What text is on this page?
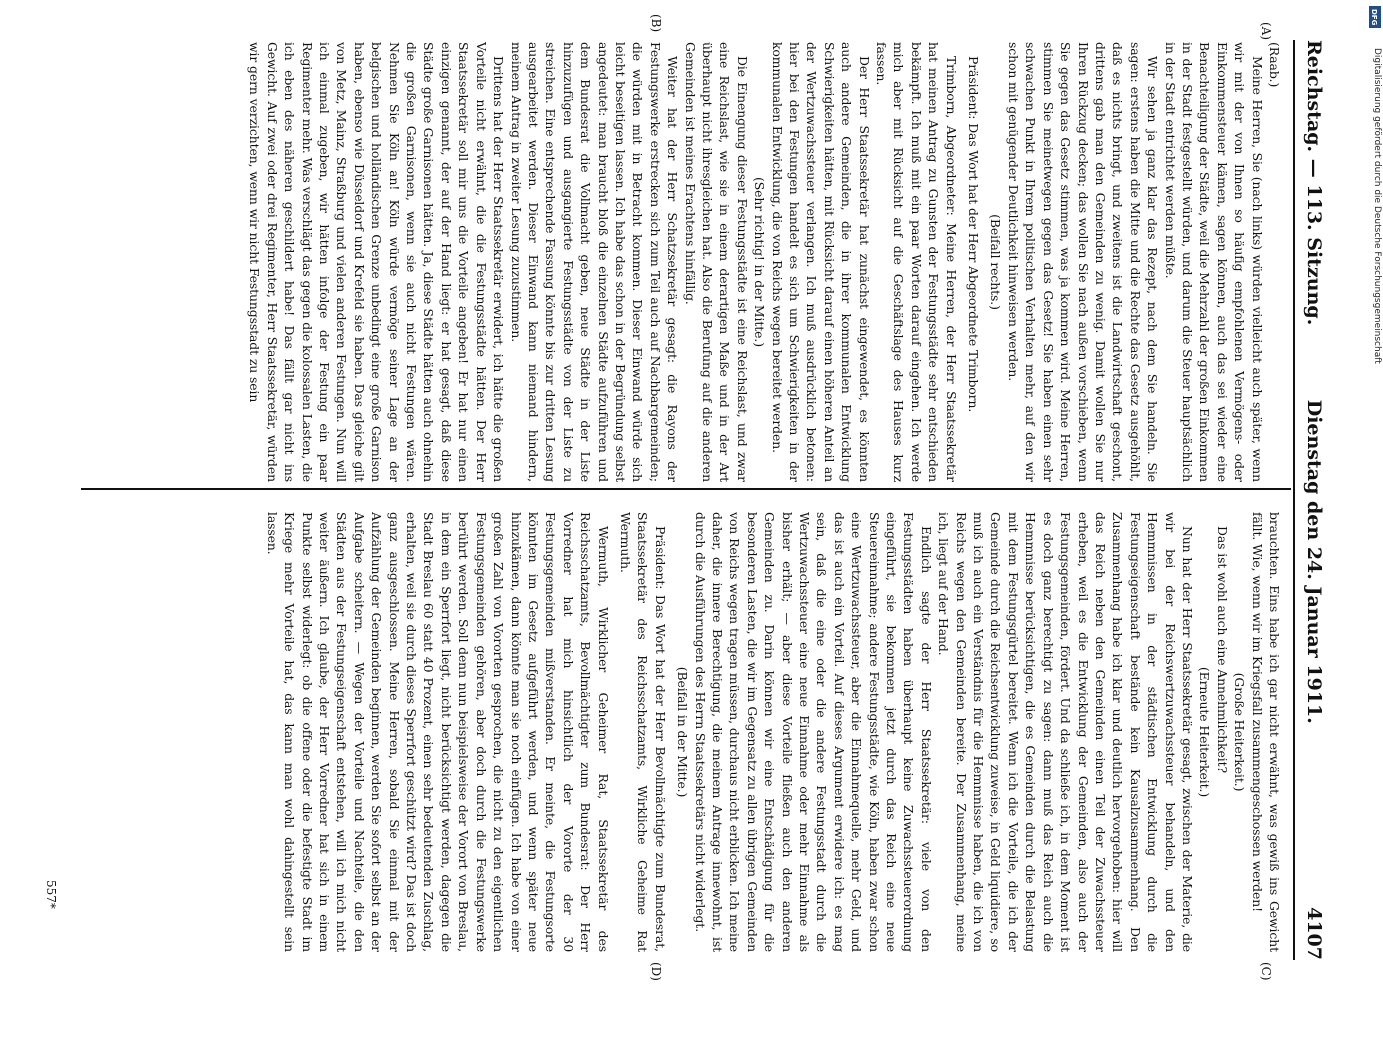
Reichstag. — 113. Sitzung.
Dienstag den 24. Januar 1911.  4107
(A)
(B)
(C)
(D)

(Raab.)

Meine Herren, Sie (nach links) würden vielleicht auch später, wenn wir mit der von Ihnen so häufig empfohlenen Vermögens- oder Einkommensteuer kämen, sagen können, auch das sei wieder eine Benachteiligung der Städte, weil die Mehrzahl der großen Einkommen in der Stadt festgestellt würden, und darum die Steuer hauptsächlich in der Stadt entrichtet werden müßte.

Wir sehen ja ganz klar das Rezept, nach dem Sie handeln. Sie sagen: erstens haben die Mitte und die Rechte das Gesetz ausgehöhlt, daß es nichts bringt, und zweitens ist die Landwirtschaft geschont, drittens gab man den Gemeinden zu wenig. Damit wollen Sie nur Ihren Rückzug decken; das wollen Sie nach außen vorschieben, wenn Sie gegen das Gesetz stimmen, was ja kommen wird. Meine Herren, stimmen Sie meinetwegen gegen das Gesetz! Sie haben einen sehr schwachen Punkt in Ihrem politischen Verhalten mehr, auf den wir schon mit genügender Deutlichkeit hinweisen werden.

(Beifall rechts.)

Präsident: Das Wort hat der Herr Abgeordnete Trimborn.

Trimborn, Abgeordneter: Meine Herren, der Herr Staatssekretär hat meinen Antrag zu Gunsten der Festungsstädte sehr entschieden bekämpft. Ich muß mit ein paar Worten darauf eingehen. Ich werde mich aber mit Rücksicht auf die Geschäftslage des Hauses kurz fassen.

Der Herr Staatssekretär hat zunächst eingewendet, es könnten auch andere Gemeinden, die in ihrer kommunalen Entwicklung Schwierigkeiten hätten, mit Rücksicht darauf einen höheren Anteil an der Wertzuwachssteuer verlangen. Ich muß ausdrücklich betonen: hier bei den Festungen handelt es sich um Schwierigkeiten in der kommunalen Entwicklung, die von Reichs wegen bereitet werden.

(Sehr richtig! in der Mitte.)

Die Einengung dieser Festungsstädte ist eine Reichslast, und zwar eine Reichslast, wie sie in einem derartigen Maße und in der Art überhaupt nicht ihresgleichen hat. Also die Berufung auf die anderen Gemeinden ist meines Erachtens hinfällig.

Weiter hat der Herr Schatzsekretär gesagt: die Rayons der Festungswerke erstrecken sich zum Teil auch auf Nachbargemeinden; die würden mit in Betracht kommen. Dieser Einwand würde sich leicht beseitigen lassen. Ich habe das schon in der Begründung selbst angedeutet: man braucht bloß die einzelnen Städte aufzuführen und dem Bundesrat die Vollmacht geben, neue Städte in der Liste hinzuzufügen und ausgangierte Festungsstädte von der Liste zu streichen. Eine entsprechende Fassung könnte bis zur dritten Lesung ausgearbeitet werden. Dieser Einwand kann niemand hindern, meinem Antrag in zweiter Lesung zuzustimmen.

Drittens hat der Herr Staatssekretär erwidert, ich hätte die großen Vorteile nicht erwähnt, die die Festungsstädte hätten. Der Herr Staatssekretär soll mir uns die Vorteile angeben! Er hat nur einen einzigen genannt, der auf der Hand liegt: er hat gesagt, daß diese Städte große Garnisonen hätten. Ja, diese Städte hätten auch ohnehin die großen Garnisonen, wenn sie auch nicht Festungen wären. Nehmen Sie Köln an! Köln würde vermöge seiner Lage an der belgischen und holländischen Grenze unbedingt eine große Garnison haben, ebenso wie Düsseldorf und Krefeld sie haben. Das gleiche gilt von Metz, Mainz, Straßburg und vielen anderen Festungen. Nun will ich einmal zugeben, wir hätten infolge der Festung ein paar Regimenter mehr. Was verschlägt das gegen die kolossalen Lasten, die ich eben des näheren geschildert habe! Das fällt gar nicht ins Gewicht. Auf zwei oder drei Regimenter, Herr Staatssekretär, würden wir gern verzichten, wenn wir nicht Festungsstadt zu sein

brauchten. Eins habe ich gar nicht erwähnt, was gewiß ins Gewicht fällt. Wie, wenn wir im Kriegsfall zusammengeschossen werden!

(Große Heiterkeit.)

Das ist wohl auch eine Annehmlichkeit?

(Erneute Heiterkeit.)

Nun hat der Herr Staatssekretär gesagt, zwischen der Materie, die wir bei der Reichswertzuwachssteuer behandeln, und den Hemmnissen in der städtischen Entwicklung durch die Festungseigenschaft bestände kein Kausalzusammenhang. Den Zusammenhang habe ich klar und deutlich hervorgehoben: hier will das Reich neben den Gemeinden einen Teil der Zuwachssteuer erheben, weil es die Entwicklung der Gemeinden, also auch der Festungsgemeinden, fördert. Und da schließe ich, in dem Moment ist es doch ganz berechtigt zu sagen: dann muß das Reich auch die Hemmnisse berücksichtigen, die es Gemeinden durch die Belastung mit dem Festungsgürtel bereitet. Wenn ich die Vorteile, die ich der Gemeinde durch die Reichsentwicklung zuweise, in Geld liquidiere, so muß ich auch ein Verständnis für die Hemmnisse haben, die ich von Reichs wegen den Gemeinden bereite. Der Zusammenhang, meine ich, liegt auf der Hand.

Endlich sagte der Herr Staatssekretär: viele von den Festungsstädten haben überhaupt keine Zuwachssteuerordnung eingeführt, sie bekommen jetzt durch das Reich eine neue Steuereinnahme; andere Festungsstädte, wie Köln, haben zwar schon eine Wertzuwachssteuer, aber die Einnahmequelle, mehr Geld, und das ist auch ein Vorteil. Auf dieses Argument erwidere ich: es mag sein, daß die eine oder die andere Festungsstadt durch die Wertzuwachssteuer eine neue Einnahme oder mehr Einnahme als bisher erhält; — aber diese Vorteile fließen auch den anderen Gemeinden zu. Darin können wir eine Entschädigung für die besonderen Lasten, die wir im Gegensatz zu allen übrigen Gemeinden von Reichs wegen tragen müssen, durchaus nicht erblicken. Ich meine daher, die innere Berechtigung, die meinem Antrage innewohnt, ist durch die Ausführungen des Herrn Staatssekretärs nicht widerlegt.

(Beifall in der Mitte.)

Präsident: Das Wort hat der Herr Bevollmächtigte zum Bundesrat, Staatssekretär des Reichsschatzamts, Wirkliche Geheime Rat Wermuth.

Wermuth, Wirklicher Geheimer Rat, Staatssekretär des Reichsschatzamts, Bevollmächtigter zum Bundesrat: Der Herr Vorredner hat mich hinsichtlich der Vororte der 30 Festungsgemeinden mißverstanden. Er meinte, die Festungsorte könnten im Gesetz aufgeführt werden, und wenn später neue hinzukämen, dann könnte man sie noch einfügen. Ich habe von einer großen Zahl von Vororten gesprochen, die nicht zu den eigentlichen Festungsgemeinden gehören, aber doch durch die Festungswerke berührt werden. Soll denn nun beispielsweise der Vorort von Breslau, in dem ein Sperrfort liegt, nicht berücksichtigt werden, dagegen die Stadt Breslau 60 statt 40 Prozent, einen sehr bedeutenden Zuschlag, erhalten, weil sie durch dieses Sperrfort geschützt wird? Das ist doch ganz ausgeschlossen. Meine Herren, sobald Sie einmal mit der Aufzählung der Gemeinden beginnen, werden Sie sofort selbst an der Aufgabe scheitern. — Wegen der Vorteile und Nachteile, die den Städten aus der Festungseigenschaft entstehen, will ich mich nicht weiter äußern. Ich glaube, der Herr Vorredner hat sich in einem Punkte selbst widerlegt: ob die offene oder die befestigte Stadt im Kriege mehr Vorteile hat, das kann man wohl dahingestellt sein lassen.

557*
DFG
Digitalisierung gefördert durch die Deutsche Forschungsgemeinschaft
